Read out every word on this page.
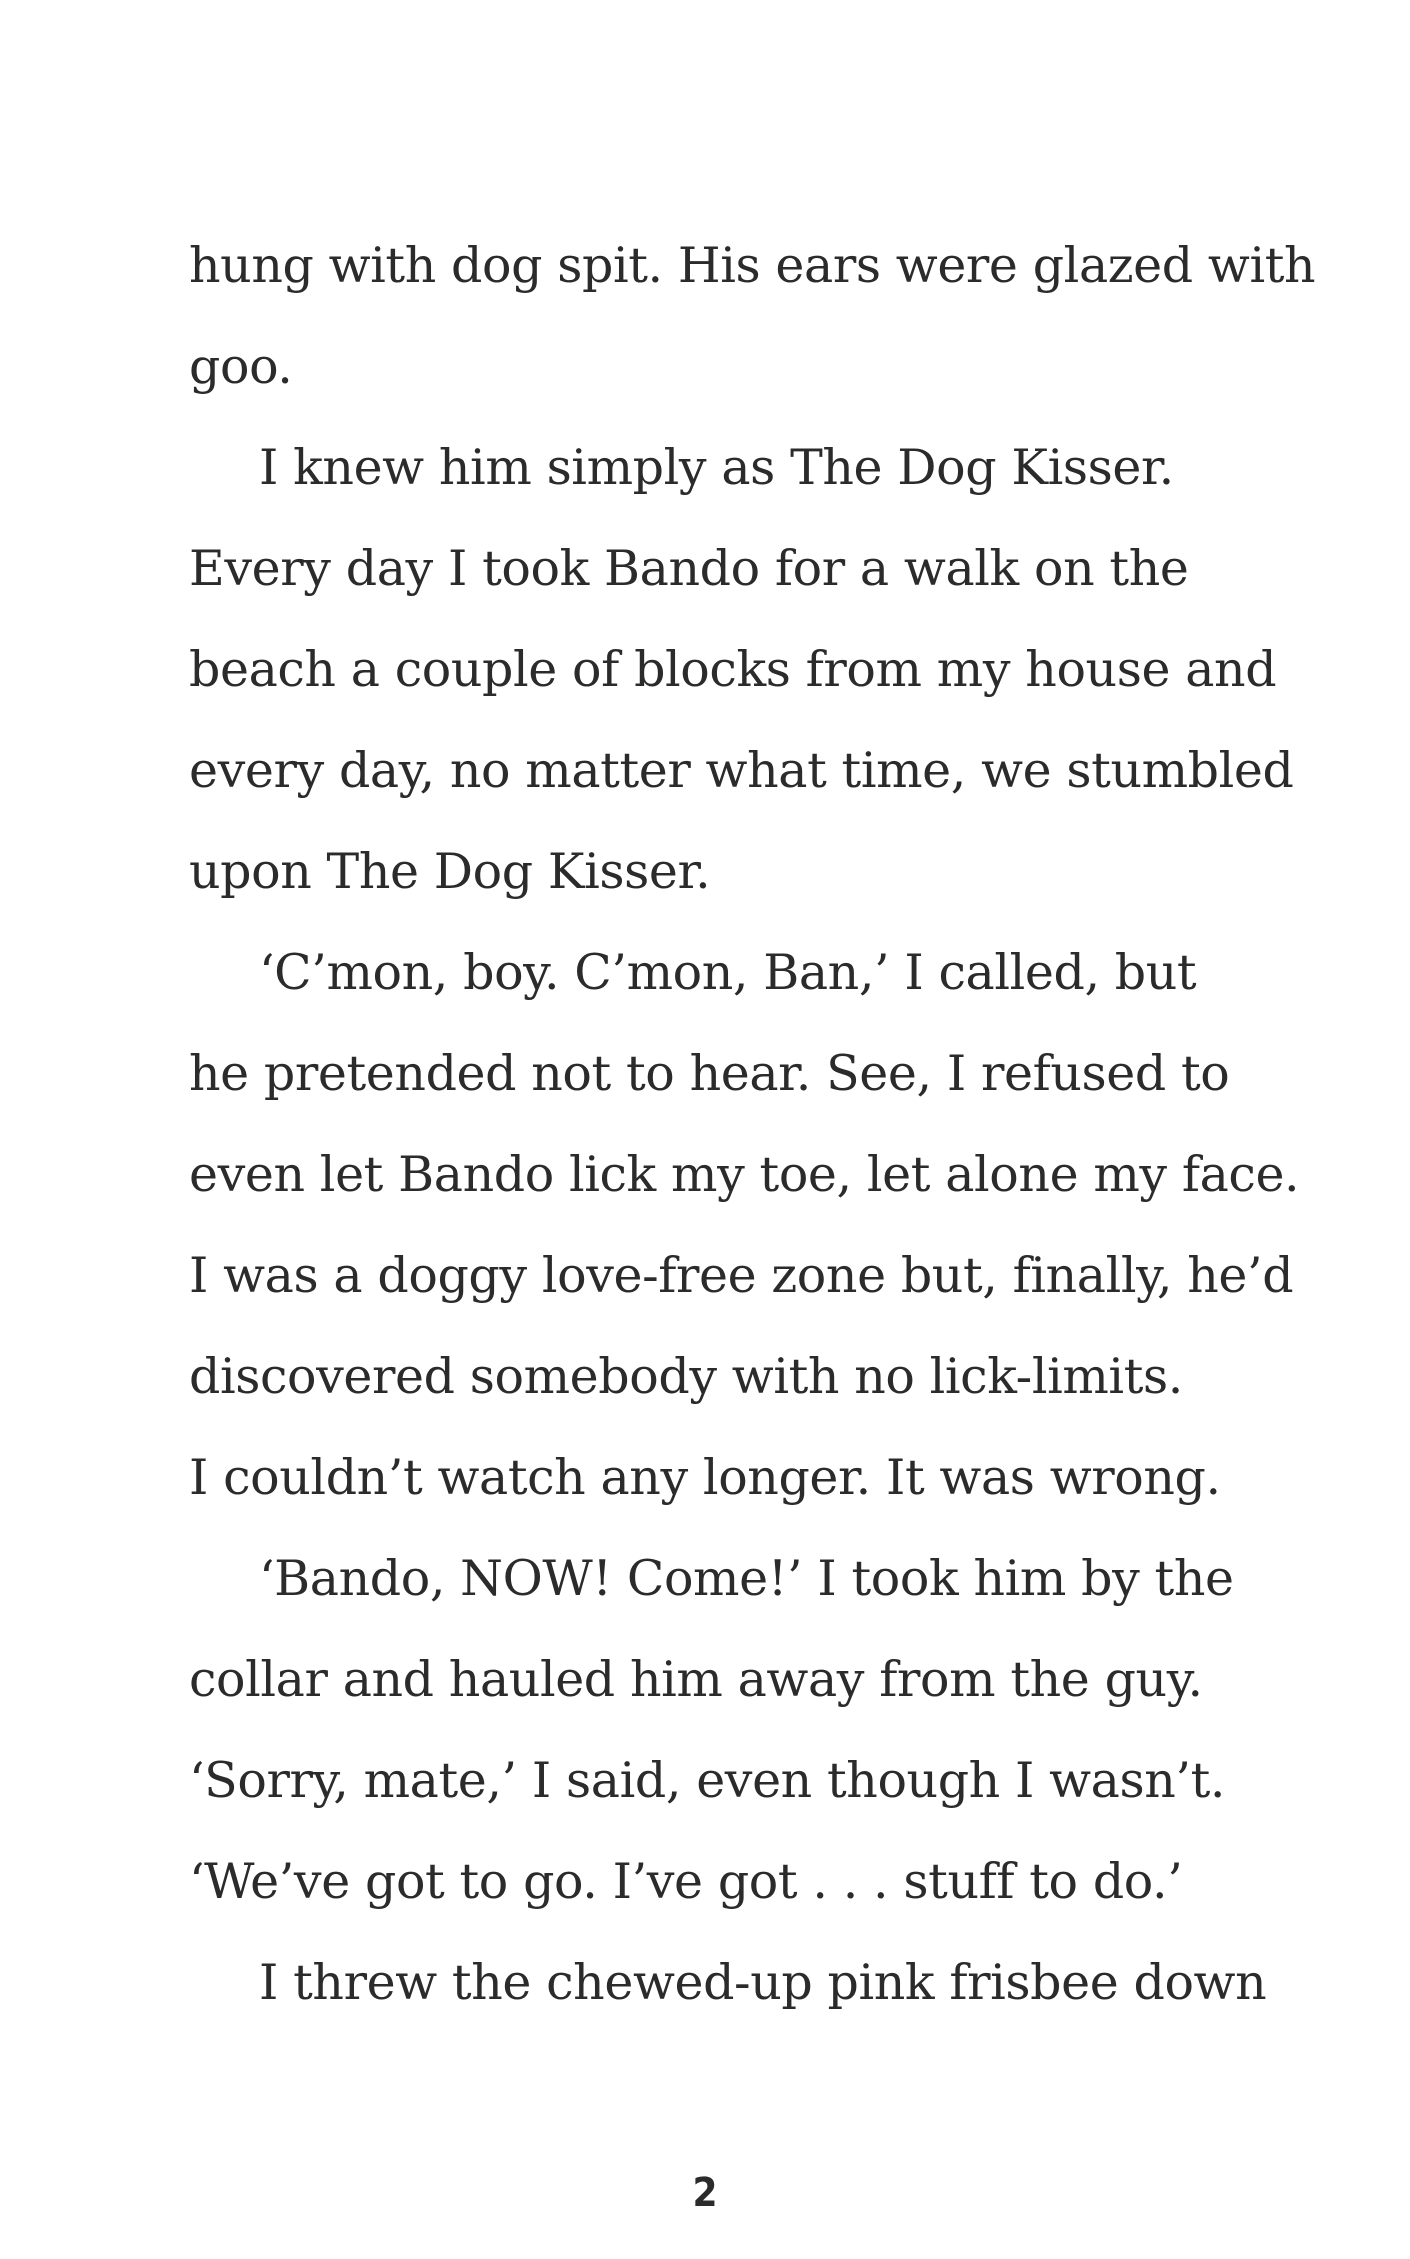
hung with dog spit. His ears were glazed with
goo.
I knew him simply as The Dog Kisser.
Every day I took Bando for a walk on the
beach a couple of blocks from my house and
every day, no matter what time, we stumbled
upon The Dog Kisser.
‘C’mon, boy. C’mon, Ban,’ I called, but
he pretended not to hear. See, I refused to
even let Bando lick my toe, let alone my face.
I was a doggy love-free zone but, finally, he’d
discovered somebody with no lick-limits.
I couldn’t watch any longer. It was wrong.
‘Bando, NOW! Come!’ I took him by the
collar and hauled him away from the guy.
‘Sorry, mate,’ I said, even though I wasn’t.
‘We’ve got to go. I’ve got . . . stuff to do.’
I threw the chewed-up pink frisbee down
2
